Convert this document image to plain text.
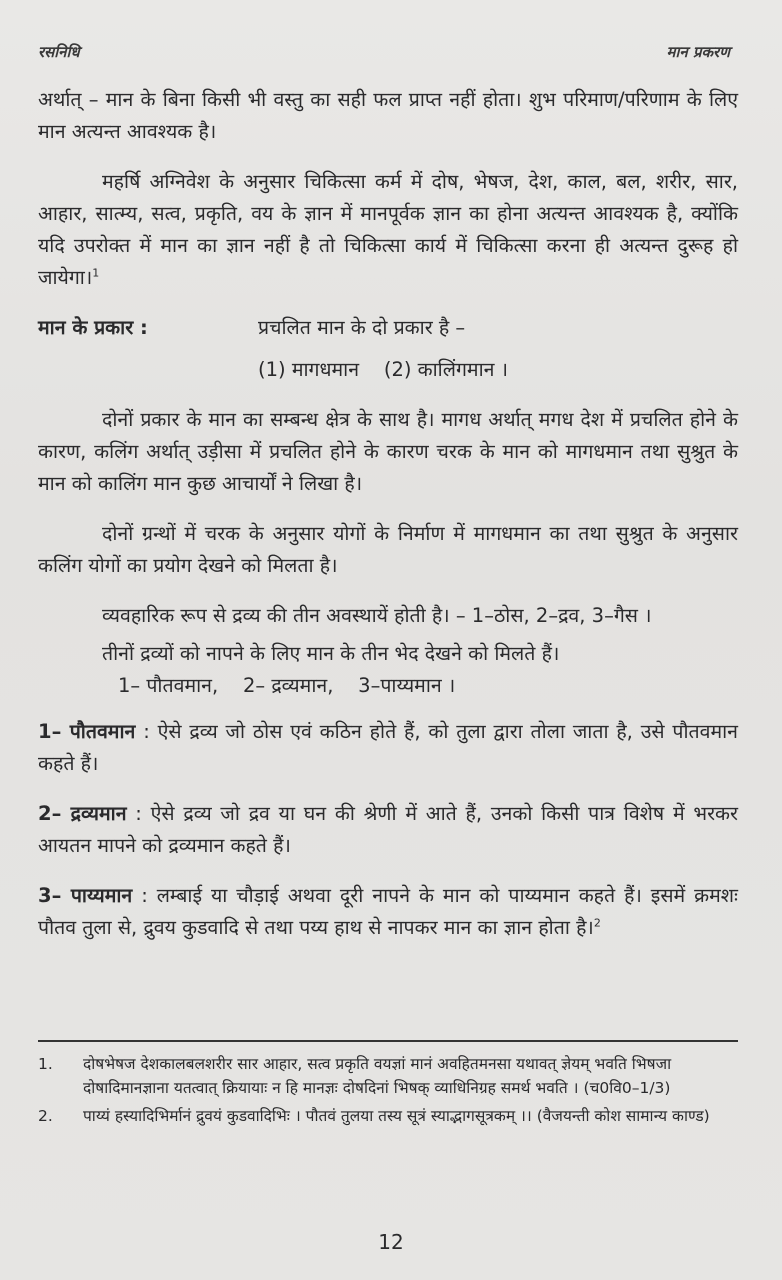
रसनिधि	मान प्रकरण

अर्थात् – मान के बिना किसी भी वस्तु का सही फल प्राप्त नहीं होता। शुभ परिमाण/परिणाम के लिए मान अत्यन्त आवश्यक है।

महर्षि अग्निवेश के अनुसार चिकित्सा कर्म में दोष, भेषज, देश, काल, बल, शरीर, सार, आहार, सात्म्य, सत्व, प्रकृति, वय के ज्ञान में मानपूर्वक ज्ञान का होना अत्यन्त आवश्यक है, क्योंकि यदि उपरोक्त में मान का ज्ञान नहीं है तो चिकित्सा कार्य में चिकित्सा करना ही अत्यन्त दुरूह हो जायेगा।$^1$

मान के प्रकार :	प्रचलित मान के दो प्रकार है –
(1) मागधमान    (2) कालिंगमान ।

दोनों प्रकार के मान का सम्बन्ध क्षेत्र के साथ है। मागध अर्थात् मगध देश में प्रचलित होने के कारण, कलिंग अर्थात् उड़ीसा में प्रचलित होने के कारण चरक के मान को मागधमान तथा सुश्रुत के मान को कालिंग मान कुछ आचार्यों ने लिखा है।

दोनों ग्रन्थों में चरक के अनुसार योगों के निर्माण में मागधमान का तथा सुश्रुत के अनुसार कलिंग योगों का प्रयोग देखने को मिलता है।

व्यवहारिक रूप से द्रव्य की तीन अवस्थायें होती है। – 1–ठोस, 2–द्रव, 3–गैस ।

तीनों द्रव्यों को नापने के लिए मान के तीन भेद देखने को मिलते हैं।

1– पौतवमान,    2– द्रव्यमान,    3–पाय्यमान ।

1– पौतवमान : ऐसे द्रव्य जो ठोस एवं कठिन होते हैं, को तुला द्वारा तोला जाता है, उसे पौतवमान कहते हैं।

2– द्रव्यमान : ऐसे द्रव्य जो द्रव या घन की श्रेणी में आते हैं, उनको किसी पात्र विशेष में भरकर आयतन मापने को द्रव्यमान कहते हैं।

3– पाय्यमान : लम्बाई या चौड़ाई अथवा दूरी नापने के मान को पाय्यमान कहते हैं। इसमें क्रमशः पौतव तुला से, द्रुवय कुडवादि से तथा पय्य हाथ से नापकर मान का ज्ञान होता है।$^2$

1.	दोषभेषज देशकालबलशरीर सार आहार, सत्व प्रकृति वयज्ञां मानं अवहितमनसा यथावत् ज्ञेयम् भवति भिषजा दोषादिमानज्ञाना यतत्वात् क्रियायाः न हि मानज्ञः दोषदिनां भिषक् व्याधिनिग्रह समर्थ भवति । (च0वि0–1/3)
2.	पाय्यं हस्यादिभिर्मानं द्रुवयं कुडवादिभिः । पौतवं तुलया तस्य सूत्रं स्याद्भागसूत्रकम् ।। (वैजयन्ती कोश सामान्य काण्ड)
12
